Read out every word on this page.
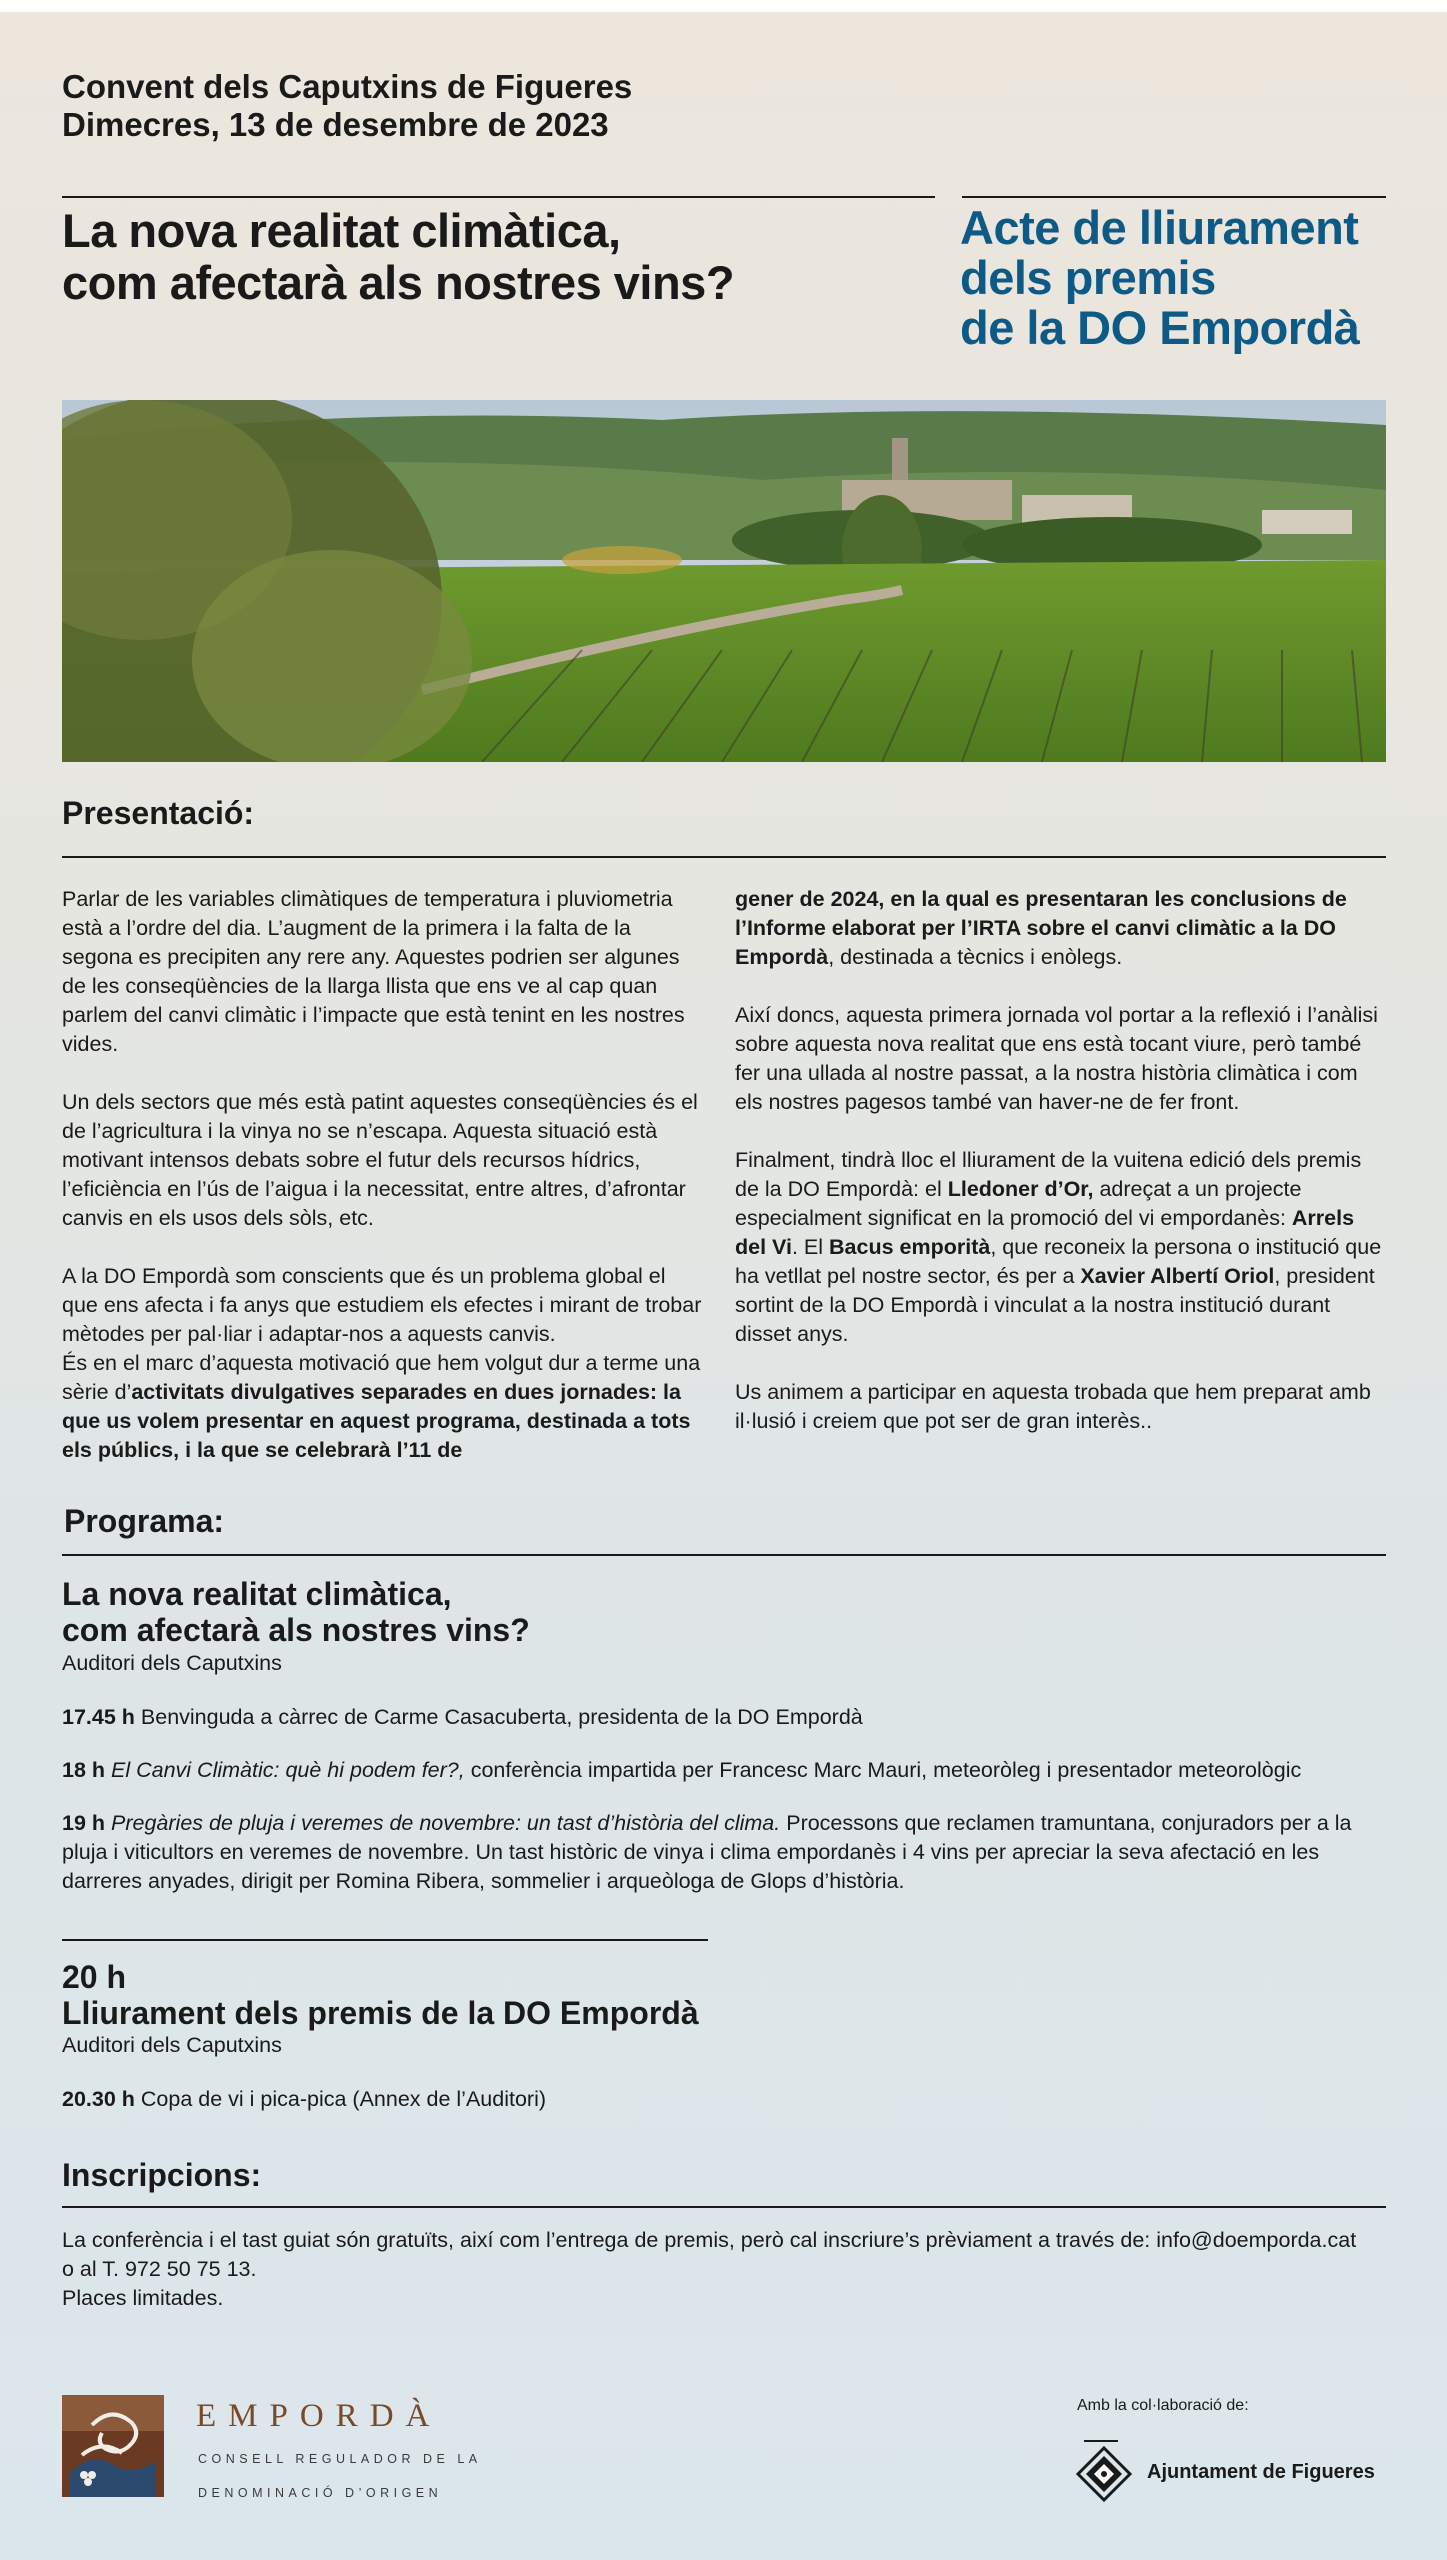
Convent dels Caputxins de Figueres
Dimecres, 13 de desembre de 2023
La nova realitat climàtica,
com afectarà als nostres vins?
Acte de lliurament
dels premis
de la DO Empordà
Presentació:

Parlar de les variables climàtiques de temperatura i pluviometria està a l’ordre del dia. L’augment de la primera i la falta de la segona es precipiten any rere any. Aquestes podrien ser algunes de les conseqüències de la llarga llista que ens ve al cap quan parlem del canvi climàtic i l’impacte que està tenint en les nostres vides.

Un dels sectors que més està patint aquestes conseqüències és el de l’agricultura i la vinya no se n’escapa. Aquesta situació està motivant intensos debats sobre el futur dels recursos hídrics, l’eficiència en l’ús de l’aigua i la necessitat, entre altres, d’afrontar canvis en els usos dels sòls, etc.

A la DO Empordà som conscients que és un problema global el que ens afecta i fa anys que estudiem els efectes i mirant de trobar mètodes per pal·liar i adaptar-nos a aquests canvis.
És en el marc d’aquesta motivació que hem volgut dur a terme una sèrie d’activitats divulgatives separades en dues jornades: la que us volem presentar en aquest programa, destinada a tots els públics, i la que se celebrarà l’11 de

gener de 2024, en la qual es presentaran les conclusions de l’Informe elaborat per l’IRTA sobre el canvi climàtic a la DO Empordà, destinada a tècnics i enòlegs.

Així doncs, aquesta primera jornada vol portar a la reflexió i l’anàlisi sobre aquesta nova realitat que ens està tocant viure, però també fer una ullada al nostre passat, a la nostra història climàtica i com els nostres pagesos també van haver-ne de fer front.

Finalment, tindrà lloc el lliurament de la vuitena edició dels premis de la DO Empordà: el Lledoner d’Or, adreçat a un projecte especialment significat en la promoció del vi empordanès: Arrels del Vi. El Bacus emporità, que reconeix la persona o institució que ha vetllat pel nostre sector, és per a Xavier Albertí Oriol, president sortint de la DO Empordà i vinculat a la nostra institució durant disset anys.

Us animem a participar en aquesta trobada que hem preparat amb il·lusió i creiem que pot ser de gran interès..

Programa:
La nova realitat climàtica,
com afectarà als nostres vins?
Auditori dels Caputxins
17.45 h Benvinguda a càrrec de Carme Casacuberta, presidenta de la DO Empordà
18 h El Canvi Climàtic: què hi podem fer?, conferència impartida per Francesc Marc Mauri, meteoròleg i presentador meteorològic
19 h Pregàries de pluja i veremes de novembre: un tast d’història del clima. Processons que reclamen tramuntana, conjuradors per a la pluja i viticultors en veremes de novembre. Un tast històric de vinya i clima empordanès i 4 vins per apreciar la seva afectació en les darreres anyades, dirigit per Romina Ribera, sommelier i arqueòloga de Glops d’història.
20 h
Lliurament dels premis de la DO Empordà
Auditori dels Caputxins
20.30 h Copa de vi i pica-pica (Annex de l’Auditori)
Inscripcions:
La conferència i el tast guiat són gratuïts, així com l’entrega de premis, però cal inscriure’s prèviament a través de: info@doemporda.cat
o al T. 972 50 75 13.
Places limitades.
EMPORDÀ
CONSELL REGULADOR DE LA
DENOMINACIÓ D’ORIGEN
Amb la col·laboració de:
Ajuntament de Figueres
